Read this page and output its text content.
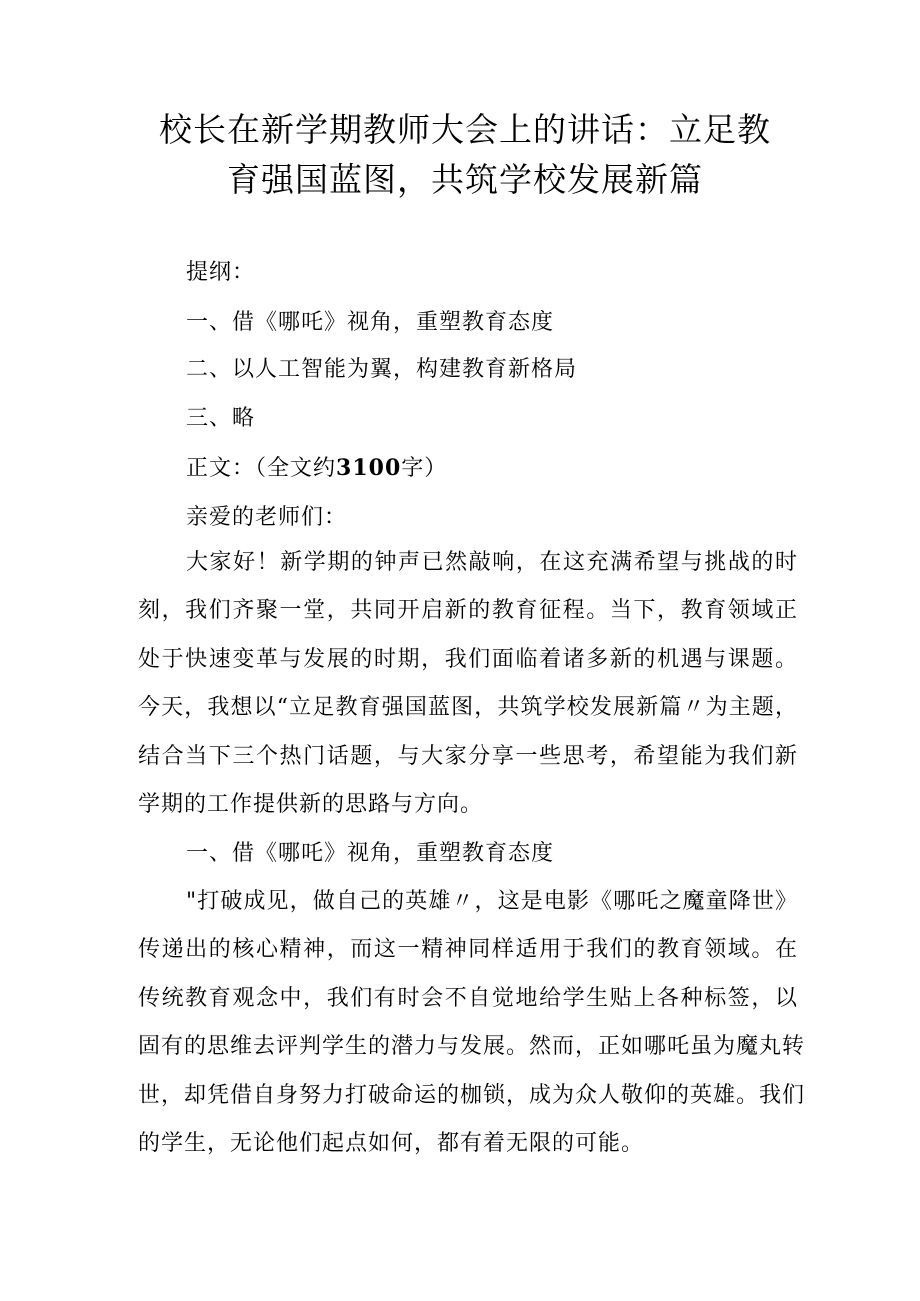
校长在新学期教师大会上的讲话：立足教
育强国蓝图，共筑学校发展新篇
提纲：
一、借《哪吒》视角，重塑教育态度
二、以人工智能为翼，构建教育新格局
三、略
正文：（全文约3100字）
亲爱的老师们：
大家好！新学期的钟声已然敲响，在这充满希望与挑战的时
刻，我们齐聚一堂，共同开启新的教育征程。当下，教育领域正
处于快速变革与发展的时期，我们面临着诸多新的机遇与课题。
今天，我想以“立足教育强国蓝图，共筑学校发展新篇〃为主题，
结合当下三个热门话题，与大家分享一些思考，希望能为我们新
学期的工作提供新的思路与方向。
一、借《哪吒》视角，重塑教育态度
"打破成见，做自己的英雄〃，这是电影《哪吒之魔童降世》
传递出的核心精神，而这一精神同样适用于我们的教育领域。在
传统教育观念中，我们有时会不自觉地给学生贴上各种标签，以
固有的思维去评判学生的潜力与发展。然而，正如哪吒虽为魔丸转
世，却凭借自身努力打破命运的枷锁，成为众人敬仰的英雄。我们
的学生，无论他们起点如何，都有着无限的可能。
